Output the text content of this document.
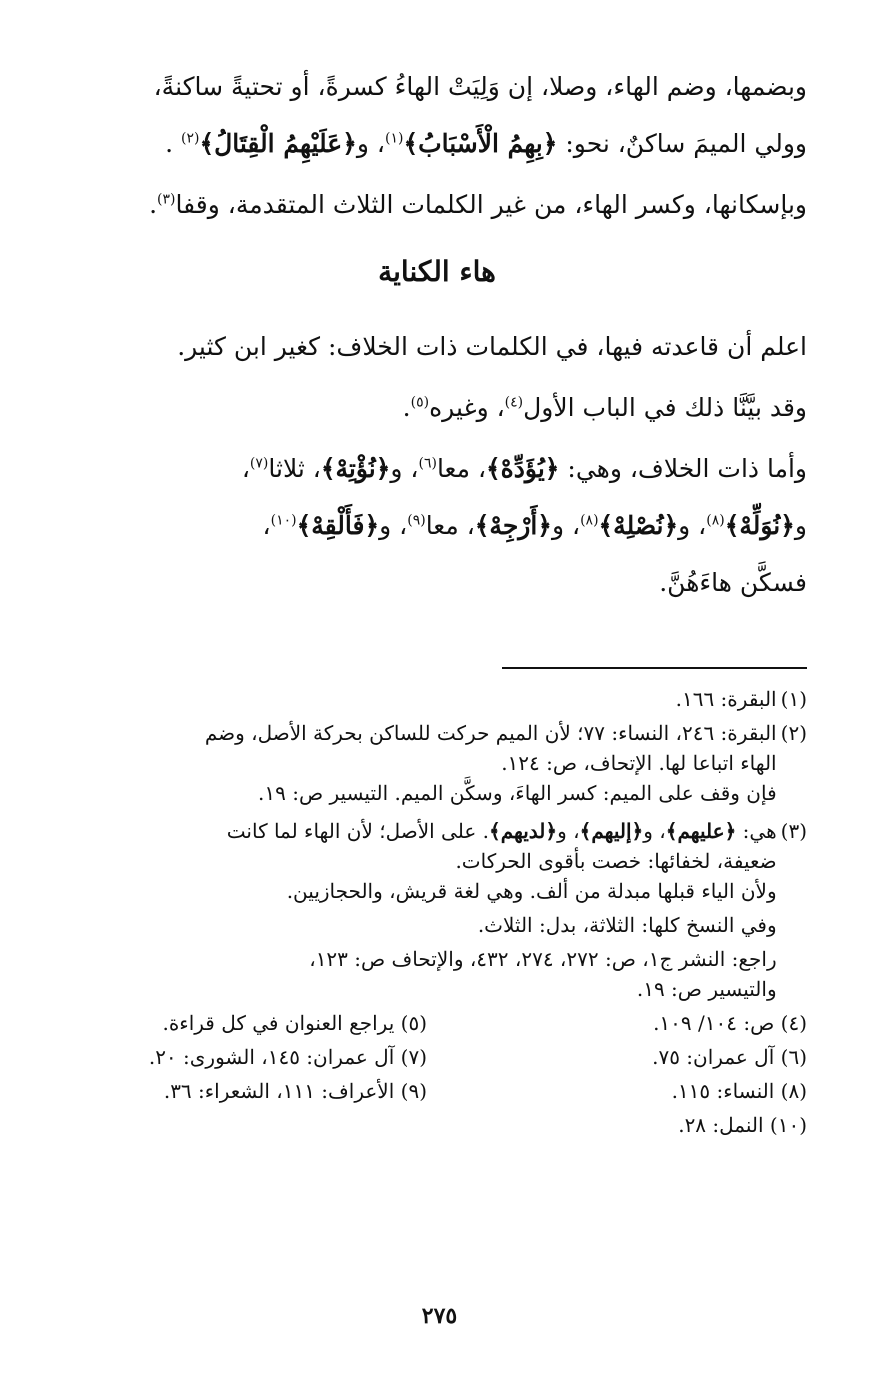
وبضمها، وضم الهاء، وصلا، إن وَلِيَتْ الهاءُ كسرةً، أو تحتيةً ساكنةً،
وولي الميمَ ساكنٌ، نحو: ﴿بِهِمُ الْأَسْبَابُ﴾$^{(١)}$، و﴿عَلَيْهِمُ الْقِتَالُ﴾$^{(٢)}$ .

وبإسكانها، وكسر الهاء، من غير الكلمات الثلاث المتقدمة، وقفا$^{(٣)}$.

هاء الكناية

اعلم أن قاعدته فيها، في الكلمات ذات الخلاف: كغير ابن كثير.

وقد بيَّنَّا ذلك في الباب الأول$^{(٤)}$، وغيره$^{(٥)}$.

وأما ذات الخلاف، وهي: ﴿يُؤَدِّهْ﴾، معا$^{(٦)}$، و﴿نُؤْتِهْ﴾، ثلاثا$^{(٧)}$،
و﴿نُوَلِّهْ﴾$^{(٨)}$، و﴿نُصْلِهْ﴾$^{(٨)}$، و﴿أَرْجِهْ﴾، معا$^{(٩)}$، و﴿فَأَلْقِهْ﴾$^{(١٠)}$،
فسكَّن هاءَهُنَّ.

(١)
البقرة: ١٦٦.
(٢)
البقرة: ٢٤٦، النساء: ٧٧؛ لأن الميم حركت للساكن بحركة الأصل، وضم
الهاء اتباعا لها. الإتحاف، ص: ١٢٤.
فإن وقف على الميم: كسر الهاءَ، وسكَّن الميم. التيسير ص: ١٩.
(٣)
هي: ﴿عليهم﴾، و﴿إليهم﴾، و﴿لديهم﴾. على الأصل؛ لأن الهاء لما كانت
ضعيفة، لخفائها: خصت بأقوى الحركات.
ولأن الياء قبلها مبدلة من ألف. وهي لغة قريش، والحجازيين.
وفي النسخ كلها: الثلاثة، بدل: الثلاث.
راجع: النشر ج١، ص: ٢٧٢، ٢٧٤، ٤٣٢، والإتحاف ص: ١٢٣،
والتيسير ص: ١٩.
(٤) ص: ١٠٤/ ١٠٩.
(٥) يراجع العنوان في كل قراءة.
(٦) آل عمران: ٧٥.
(٧) آل عمران: ١٤٥، الشورى: ٢٠.
(٨) النساء: ١١٥.
(٩) الأعراف: ١١١، الشعراء: ٣٦.
(١٠) النمل: ٢٨.
٢٧٥
